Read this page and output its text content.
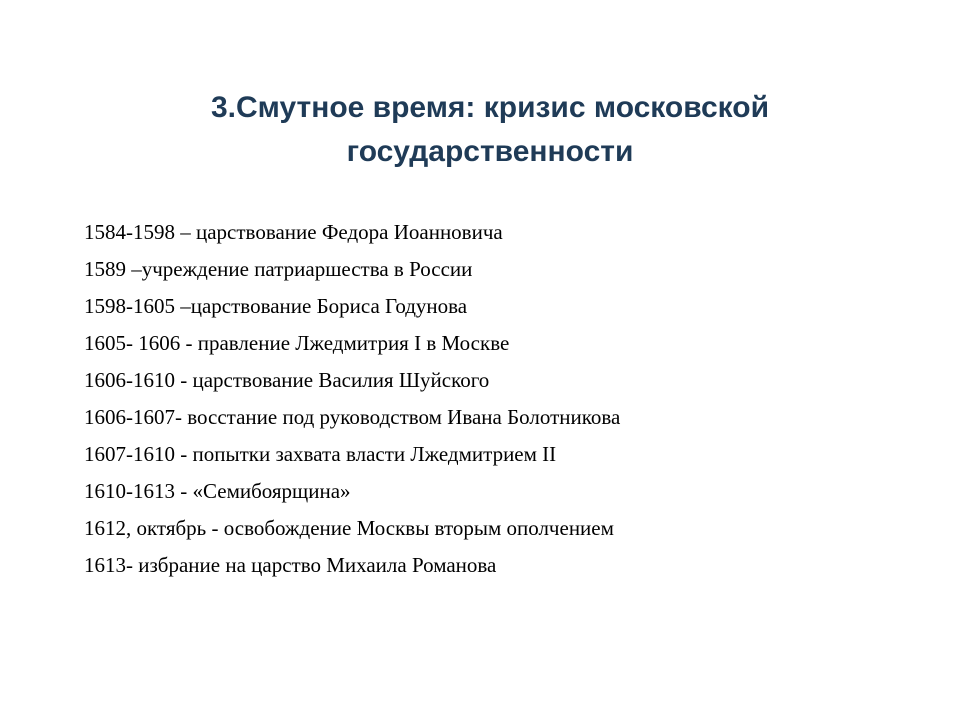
3.Смутное время: кризис московской
государственности
1584-1598 – царствование Федора Иоанновича
1589 –учреждение патриаршества в России
1598-1605 –царствование Бориса Годунова
1605- 1606 - правление Лжедмитрия I в Москве
1606-1610 - царствование Василия Шуйского
1606-1607- восстание под руководством Ивана Болотникова
1607-1610 - попытки захвата власти Лжедмитрием II
1610-1613 - «Семибоярщина»
1612, октябрь - освобождение Москвы вторым ополчением
1613- избрание на царство Михаила Романова
